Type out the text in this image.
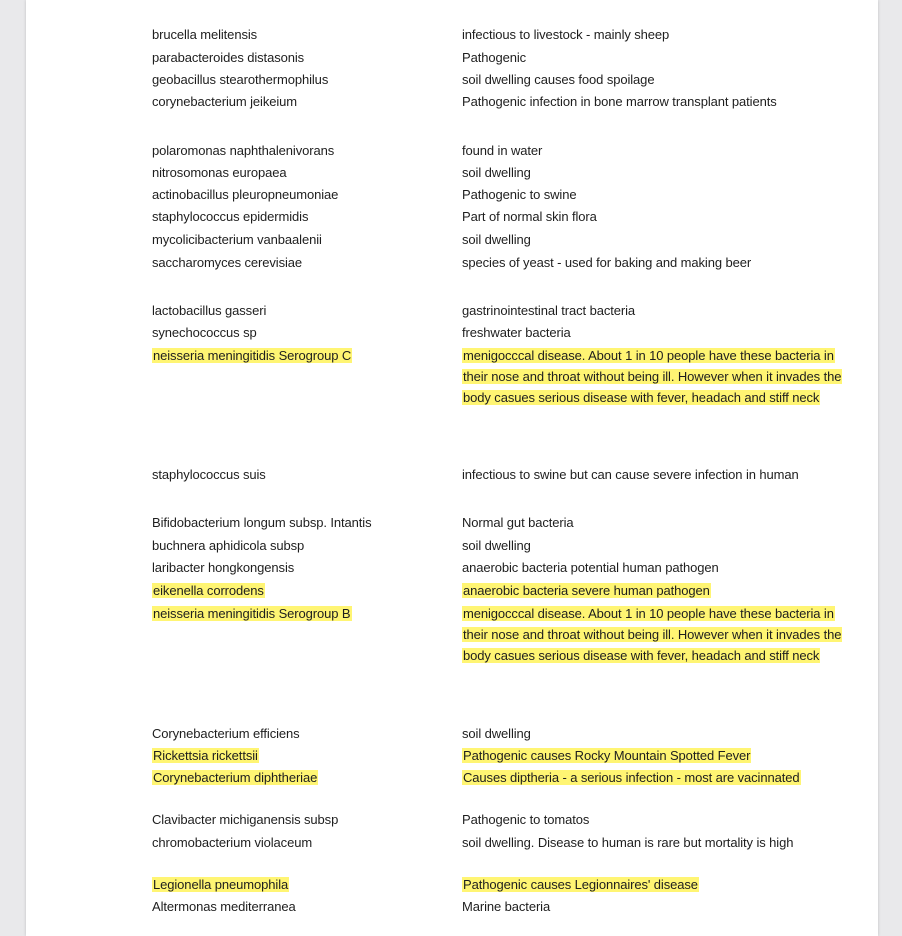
brucella melitensis	infectious to livestock - mainly sheep
parabacteroides distasonis	Pathogenic
geobacillus stearothermophilus	soil dwelling causes food spoilage
corynebacterium jeikeium	Pathogenic infection in bone marrow transplant patients
polaromonas naphthalenivorans	found in water
nitrosomonas europaea	soil dwelling
actinobacillus pleuropneumoniae	Pathogenic to swine
staphylococcus epidermidis	Part of normal skin flora
mycolicibacterium vanbaalenii	soil dwelling
saccharomyces cerevisiae	species of yeast - used for baking and making beer
lactobacillus gasseri	gastrinointestinal tract bacteria
synechococcus sp	freshwater bacteria
neisseria meningitidis Serogroup C	menigocccal disease. About 1 in 10 people have these bacteria in their nose and throat without being ill. However when it invades the body casues serious disease with fever, headach and stiff neck
staphylococcus suis	infectious to swine but can cause severe infection in human
Bifidobacterium longum subsp. Intantis	Normal gut bacteria
buchnera aphidicola subsp	soil dwelling
laribacter hongkongensis	anaerobic bacteria potential human pathogen
eikenella corrodens	anaerobic bacteria severe human pathogen
neisseria meningitidis Serogroup B	menigocccal disease. About 1 in 10 people have these bacteria in their nose and throat without being ill. However when it invades the body casues serious disease with fever, headach and stiff neck
Corynebacterium efficiens	soil dwelling
Rickettsia rickettsii	Pathogenic causes Rocky Mountain Spotted Fever
Corynebacterium diphtheriae	Causes diptheria - a serious infection - most are vacinnated
Clavibacter michiganensis subsp	Pathogenic to tomatos
chromobacterium violaceum	soil dwelling. Disease to human is rare but mortality is high
Legionella pneumophila	Pathogenic causes Legionnaires' disease
Altermonas mediterranea	Marine bacteria
